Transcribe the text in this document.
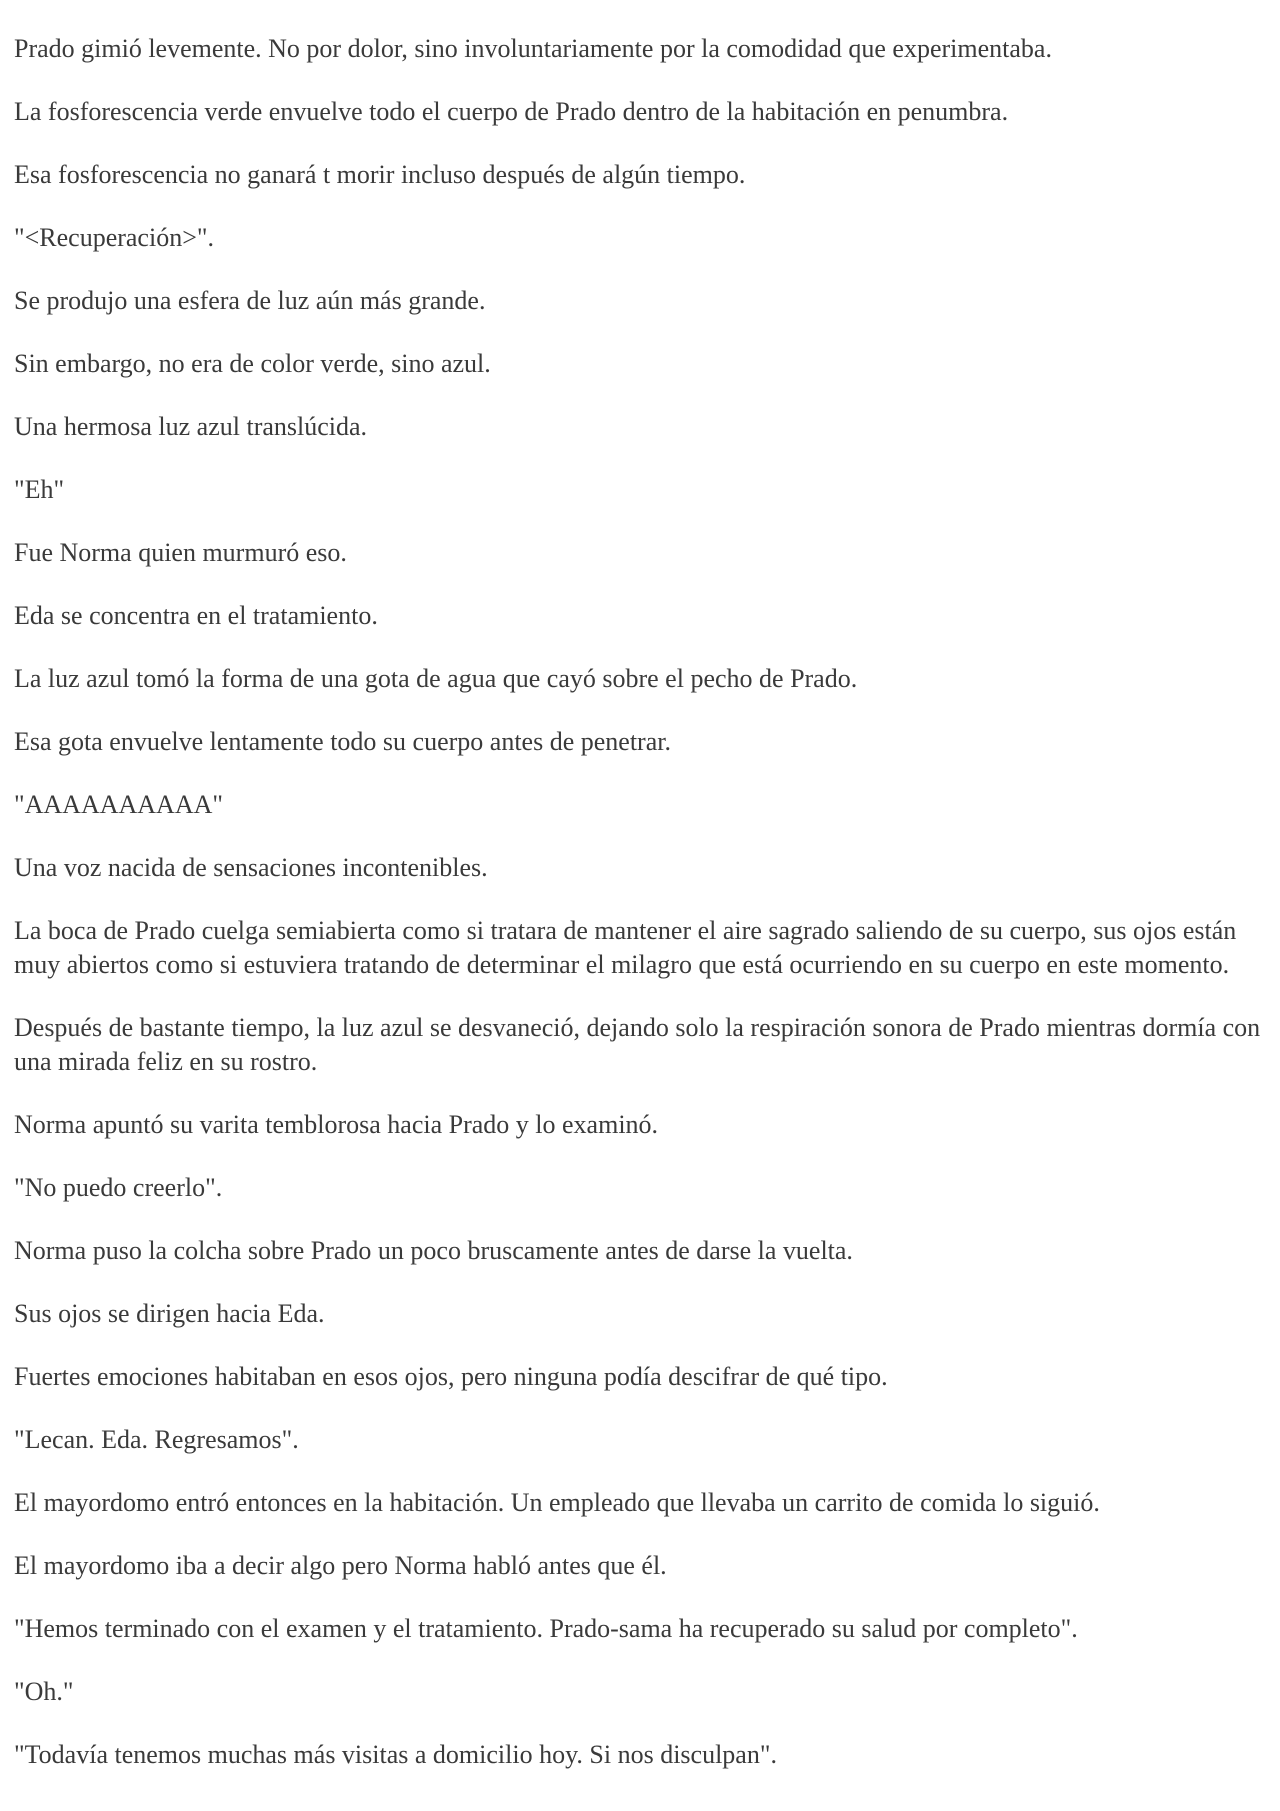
Prado gimió levemente. No por dolor, sino involuntariamente por la comodidad que experimentaba.

La fosforescencia verde envuelve todo el cuerpo de Prado dentro de la habitación en penumbra.

Esa fosforescencia no ganará t morir incluso después de algún tiempo.

"<Recuperación>".

Se produjo una esfera de luz aún más grande.

Sin embargo, no era de color verde, sino azul.

Una hermosa luz azul translúcida.

"Eh"

Fue Norma quien murmuró eso.

Eda se concentra en el tratamiento.

La luz azul tomó la forma de una gota de agua que cayó sobre el pecho de Prado.

Esa gota envuelve lentamente todo su cuerpo antes de penetrar.

"AAAAAAAAAA"

Una voz nacida de sensaciones incontenibles.

La boca de Prado cuelga semiabierta como si tratara de mantener el aire sagrado saliendo de su cuerpo, sus ojos están muy abiertos como si estuviera tratando de determinar el milagro que está ocurriendo en su cuerpo en este momento.

Después de bastante tiempo, la luz azul se desvaneció, dejando solo la respiración sonora de Prado mientras dormía con una mirada feliz en su rostro.

Norma apuntó su varita temblorosa hacia Prado y lo examinó.

"No puedo creerlo".

Norma puso la colcha sobre Prado un poco bruscamente antes de darse la vuelta.

Sus ojos se dirigen hacia Eda.

Fuertes emociones habitaban en esos ojos, pero ninguna podía descifrar de qué tipo.

"Lecan. Eda. Regresamos".

El mayordomo entró entonces en la habitación. Un empleado que llevaba un carrito de comida lo siguió.

El mayordomo iba a decir algo pero Norma habló antes que él.

"Hemos terminado con el examen y el tratamiento. Prado-sama ha recuperado su salud por completo".

"Oh."

"Todavía tenemos muchas más visitas a domicilio hoy. Si nos disculpan".
